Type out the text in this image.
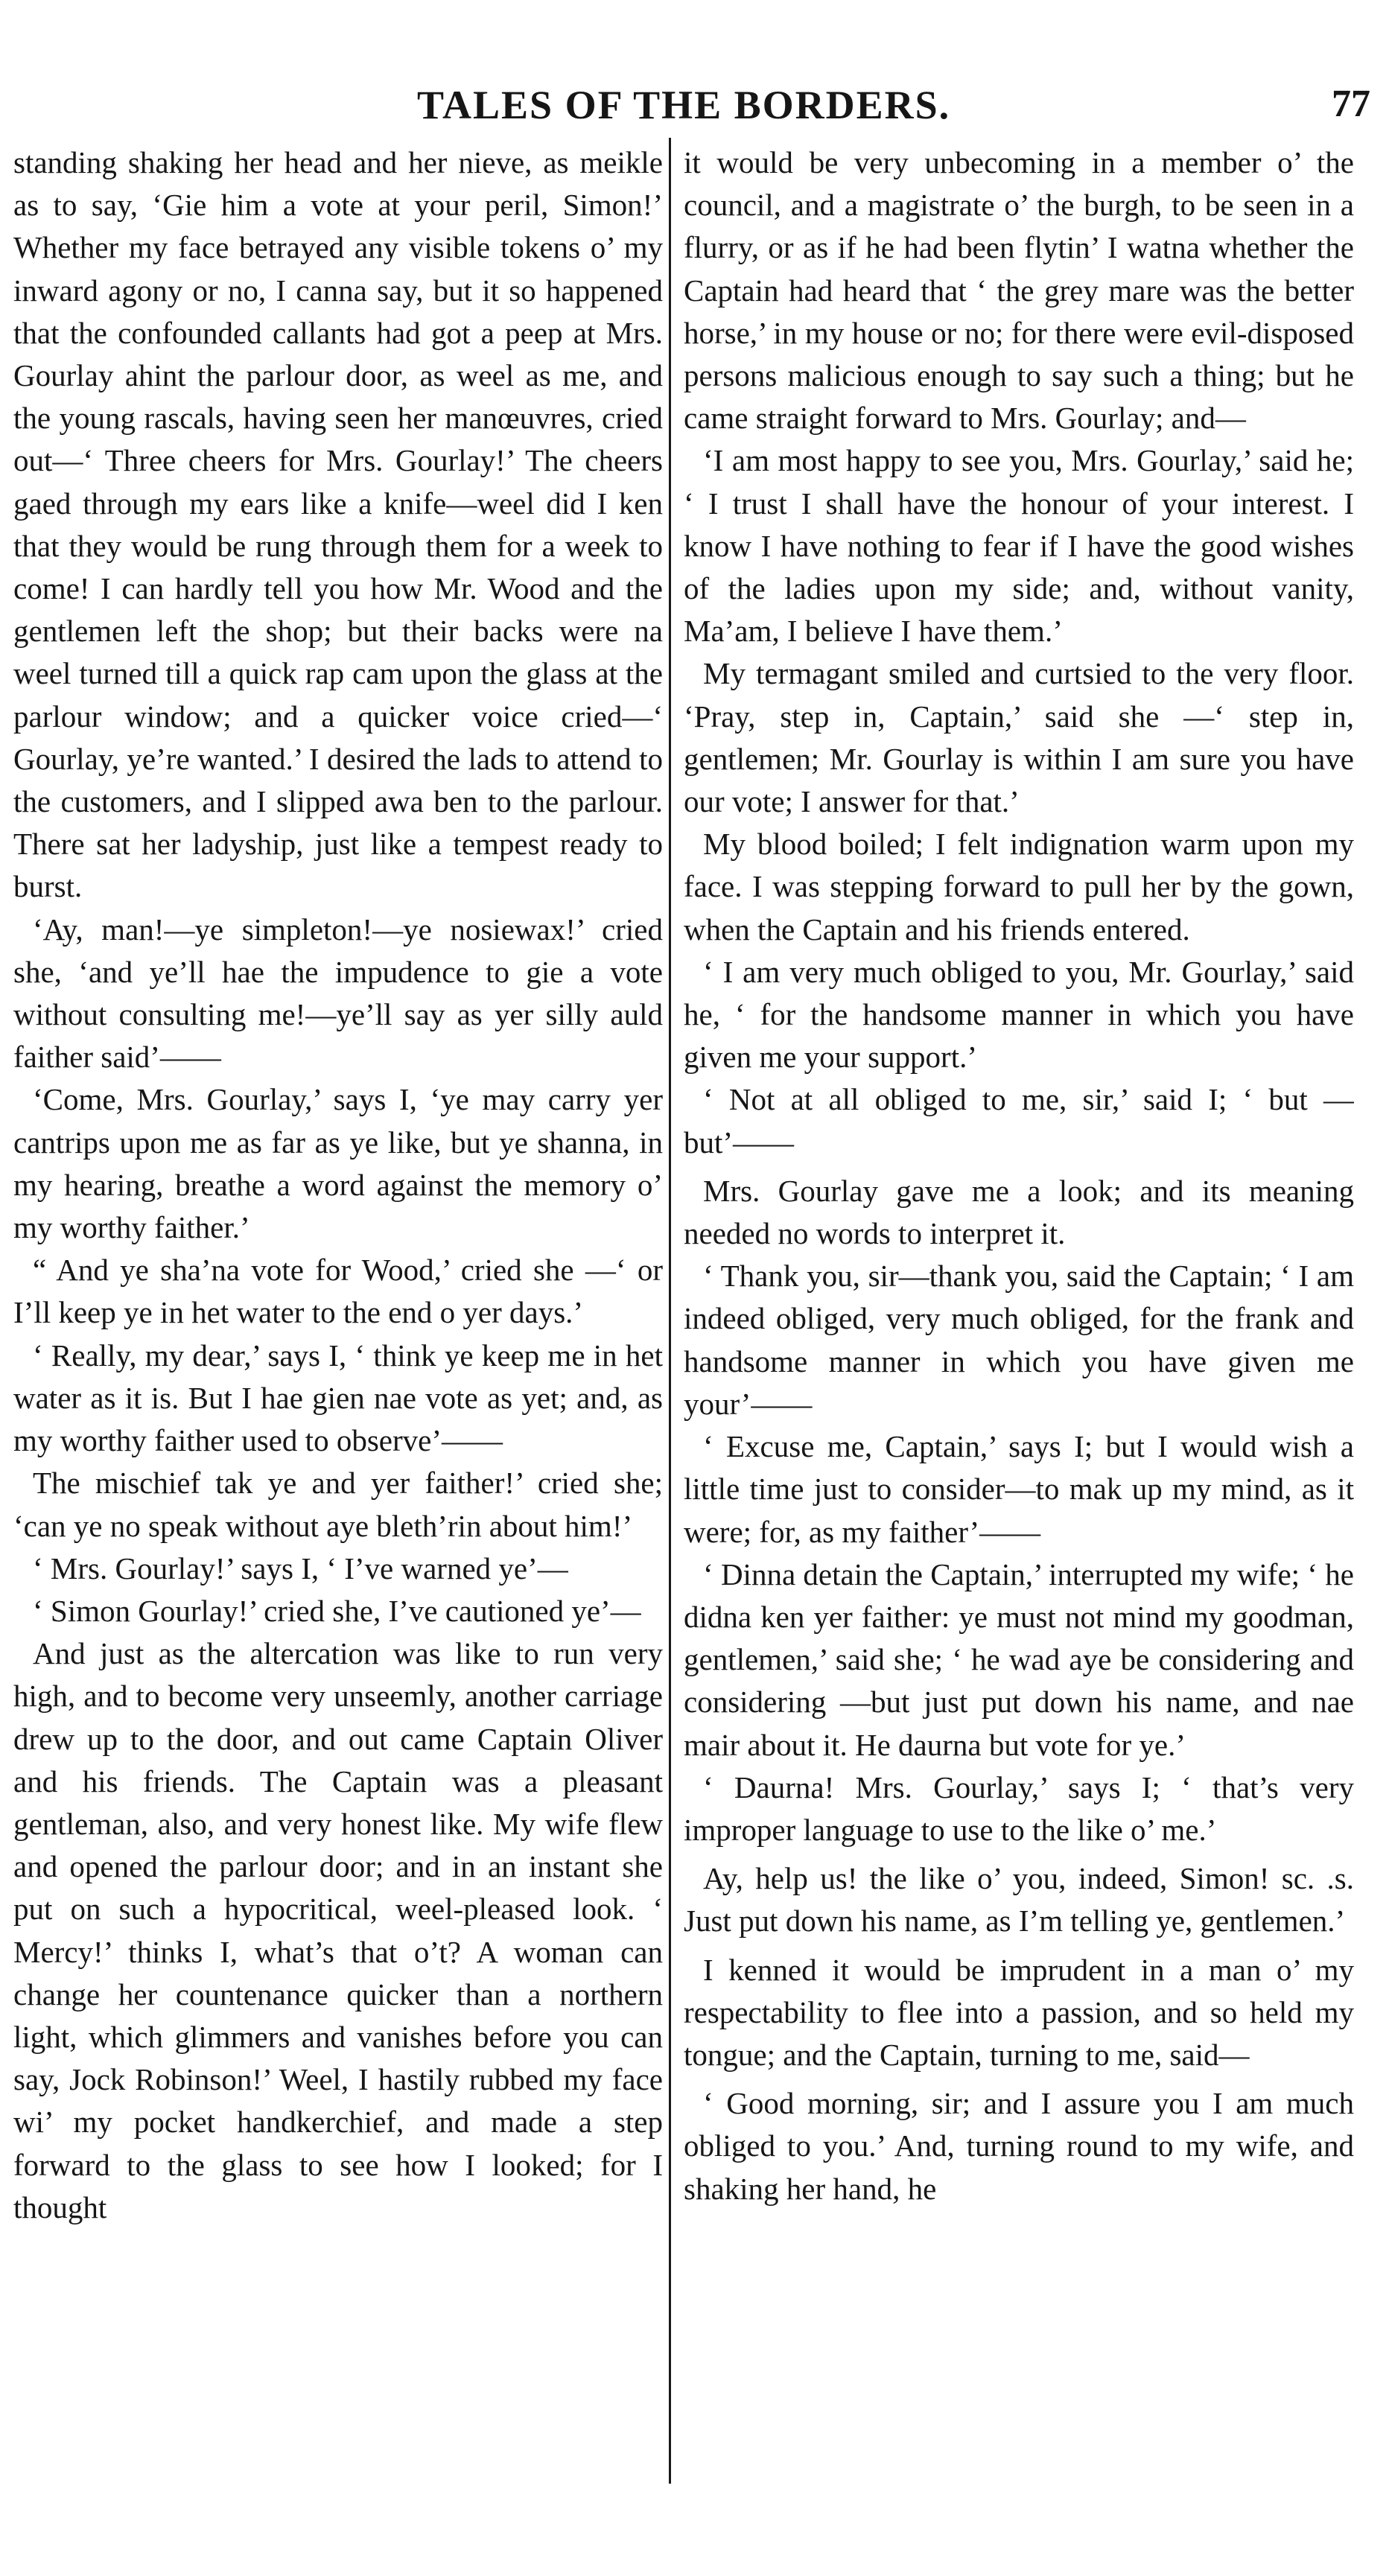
TALES OF THE BORDERS.	77

standing shaking her head and her nieve, as meikle as to say, ‘Gie him a vote at your peril, Simon!’ Whether my face betrayed any visible tokens o’ my inward agony or no, I canna say, but it so happened that the confounded callants had got a peep at Mrs. Gourlay ahint the parlour door, as weel as me, and the young rascals, having seen her manœuvres, cried out—‘ Three cheers for Mrs. Gourlay!’ The cheers gaed through my ears like a knife—weel did I ken that they would be rung through them for a week to come! I can hardly tell you how Mr. Wood and the gentlemen left the shop; but their backs were na weel turned till a quick rap cam upon the glass at the parlour window; and a quicker voice cried—‘ Gourlay, ye’re wanted.’ I desired the lads to attend to the customers, and I slipped awa ben to the parlour. There sat her ladyship, just like a tempest ready to burst.

‘Ay, man!—ye simpleton!—ye nosiewax!’ cried she, ‘and ye’ll hae the impudence to gie a vote without consulting me!—ye’ll say as yer silly auld faither said’——

‘Come, Mrs. Gourlay,’ says I, ‘ye may carry yer cantrips upon me as far as ye like, but ye shanna, in my hearing, breathe a word against the memory o’ my worthy faither.’

“ And ye sha’na vote for Wood,’ cried she —‘ or I’ll keep ye in het water to the end o yer days.’

‘ Really, my dear,’ says I, ‘ think ye keep me in het water as it is. But I hae gien nae vote as yet; and, as my worthy faither used to observe’——

The mischief tak ye and yer faither!’ cried she; ‘can ye no speak without aye bleth’rin about him!’

‘ Mrs. Gourlay!’ says I, ‘ I’ve warned ye’—

‘ Simon Gourlay!’ cried she, I’ve cautioned ye’—

And just as the altercation was like to run very high, and to become very unseemly, another carriage drew up to the door, and out came Captain Oliver and his friends. The Captain was a pleasant gentleman, also, and very honest like. My wife flew and opened the parlour door; and in an instant she put on such a hypocritical, weel-pleased look. ‘ Mercy!’ thinks I, what’s that o’t? A woman can change her countenance quicker than a northern light, which glimmers and vanishes before you can say, Jock Robinson!’ Weel, I hastily rubbed my face wi’ my pocket handkerchief, and made a step forward to the glass to see how I looked; for I thought

it would be very unbecoming in a member o’ the council, and a magistrate o’ the burgh, to be seen in a flurry, or as if he had been flytin’ I watna whether the Captain had heard that ‘ the grey mare was the better horse,’ in my house or no; for there were evil-disposed persons malicious enough to say such a thing; but he came straight forward to Mrs. Gourlay; and—

‘I am most happy to see you, Mrs. Gourlay,’ said he; ‘ I trust I shall have the honour of your interest. I know I have nothing to fear if I have the good wishes of the ladies upon my side; and, without vanity, Ma’am, I believe I have them.’

My termagant smiled and curtsied to the very floor. ‘Pray, step in, Captain,’ said she —‘ step in, gentlemen; Mr. Gourlay is within I am sure you have our vote; I answer for that.’

My blood boiled; I felt indignation warm upon my face. I was stepping forward to pull her by the gown, when the Captain and his friends entered.

‘ I am very much obliged to you, Mr. Gourlay,’ said he, ‘ for the handsome manner in which you have given me your support.’

‘ Not at all obliged to me, sir,’ said I; ‘ but —but’——

Mrs. Gourlay gave me a look; and its meaning needed no words to interpret it.

‘ Thank you, sir—thank you, said the Captain; ‘ I am indeed obliged, very much obliged, for the frank and handsome manner in which you have given me your’——

‘ Excuse me, Captain,’ says I; but I would wish a little time just to consider—to mak up my mind, as it were; for, as my faither’——

‘ Dinna detain the Captain,’ interrupted my wife; ‘ he didna ken yer faither: ye must not mind my goodman, gentlemen,’ said she; ‘ he wad aye be considering and considering —but just put down his name, and nae mair about it. He daurna but vote for ye.’

‘ Daurna! Mrs. Gourlay,’ says I; ‘ that’s very improper language to use to the like o’ me.’

Ay, help us! the like o’ you, indeed, Simon! sc. .s. Just put down his name, as I’m telling ye, gentlemen.’

I kenned it would be imprudent in a man o’ my respectability to flee into a passion, and so held my tongue; and the Captain, turning to me, said—

‘ Good morning, sir; and I assure you I am much obliged to you.’ And, turning round to my wife, and shaking her hand, he
